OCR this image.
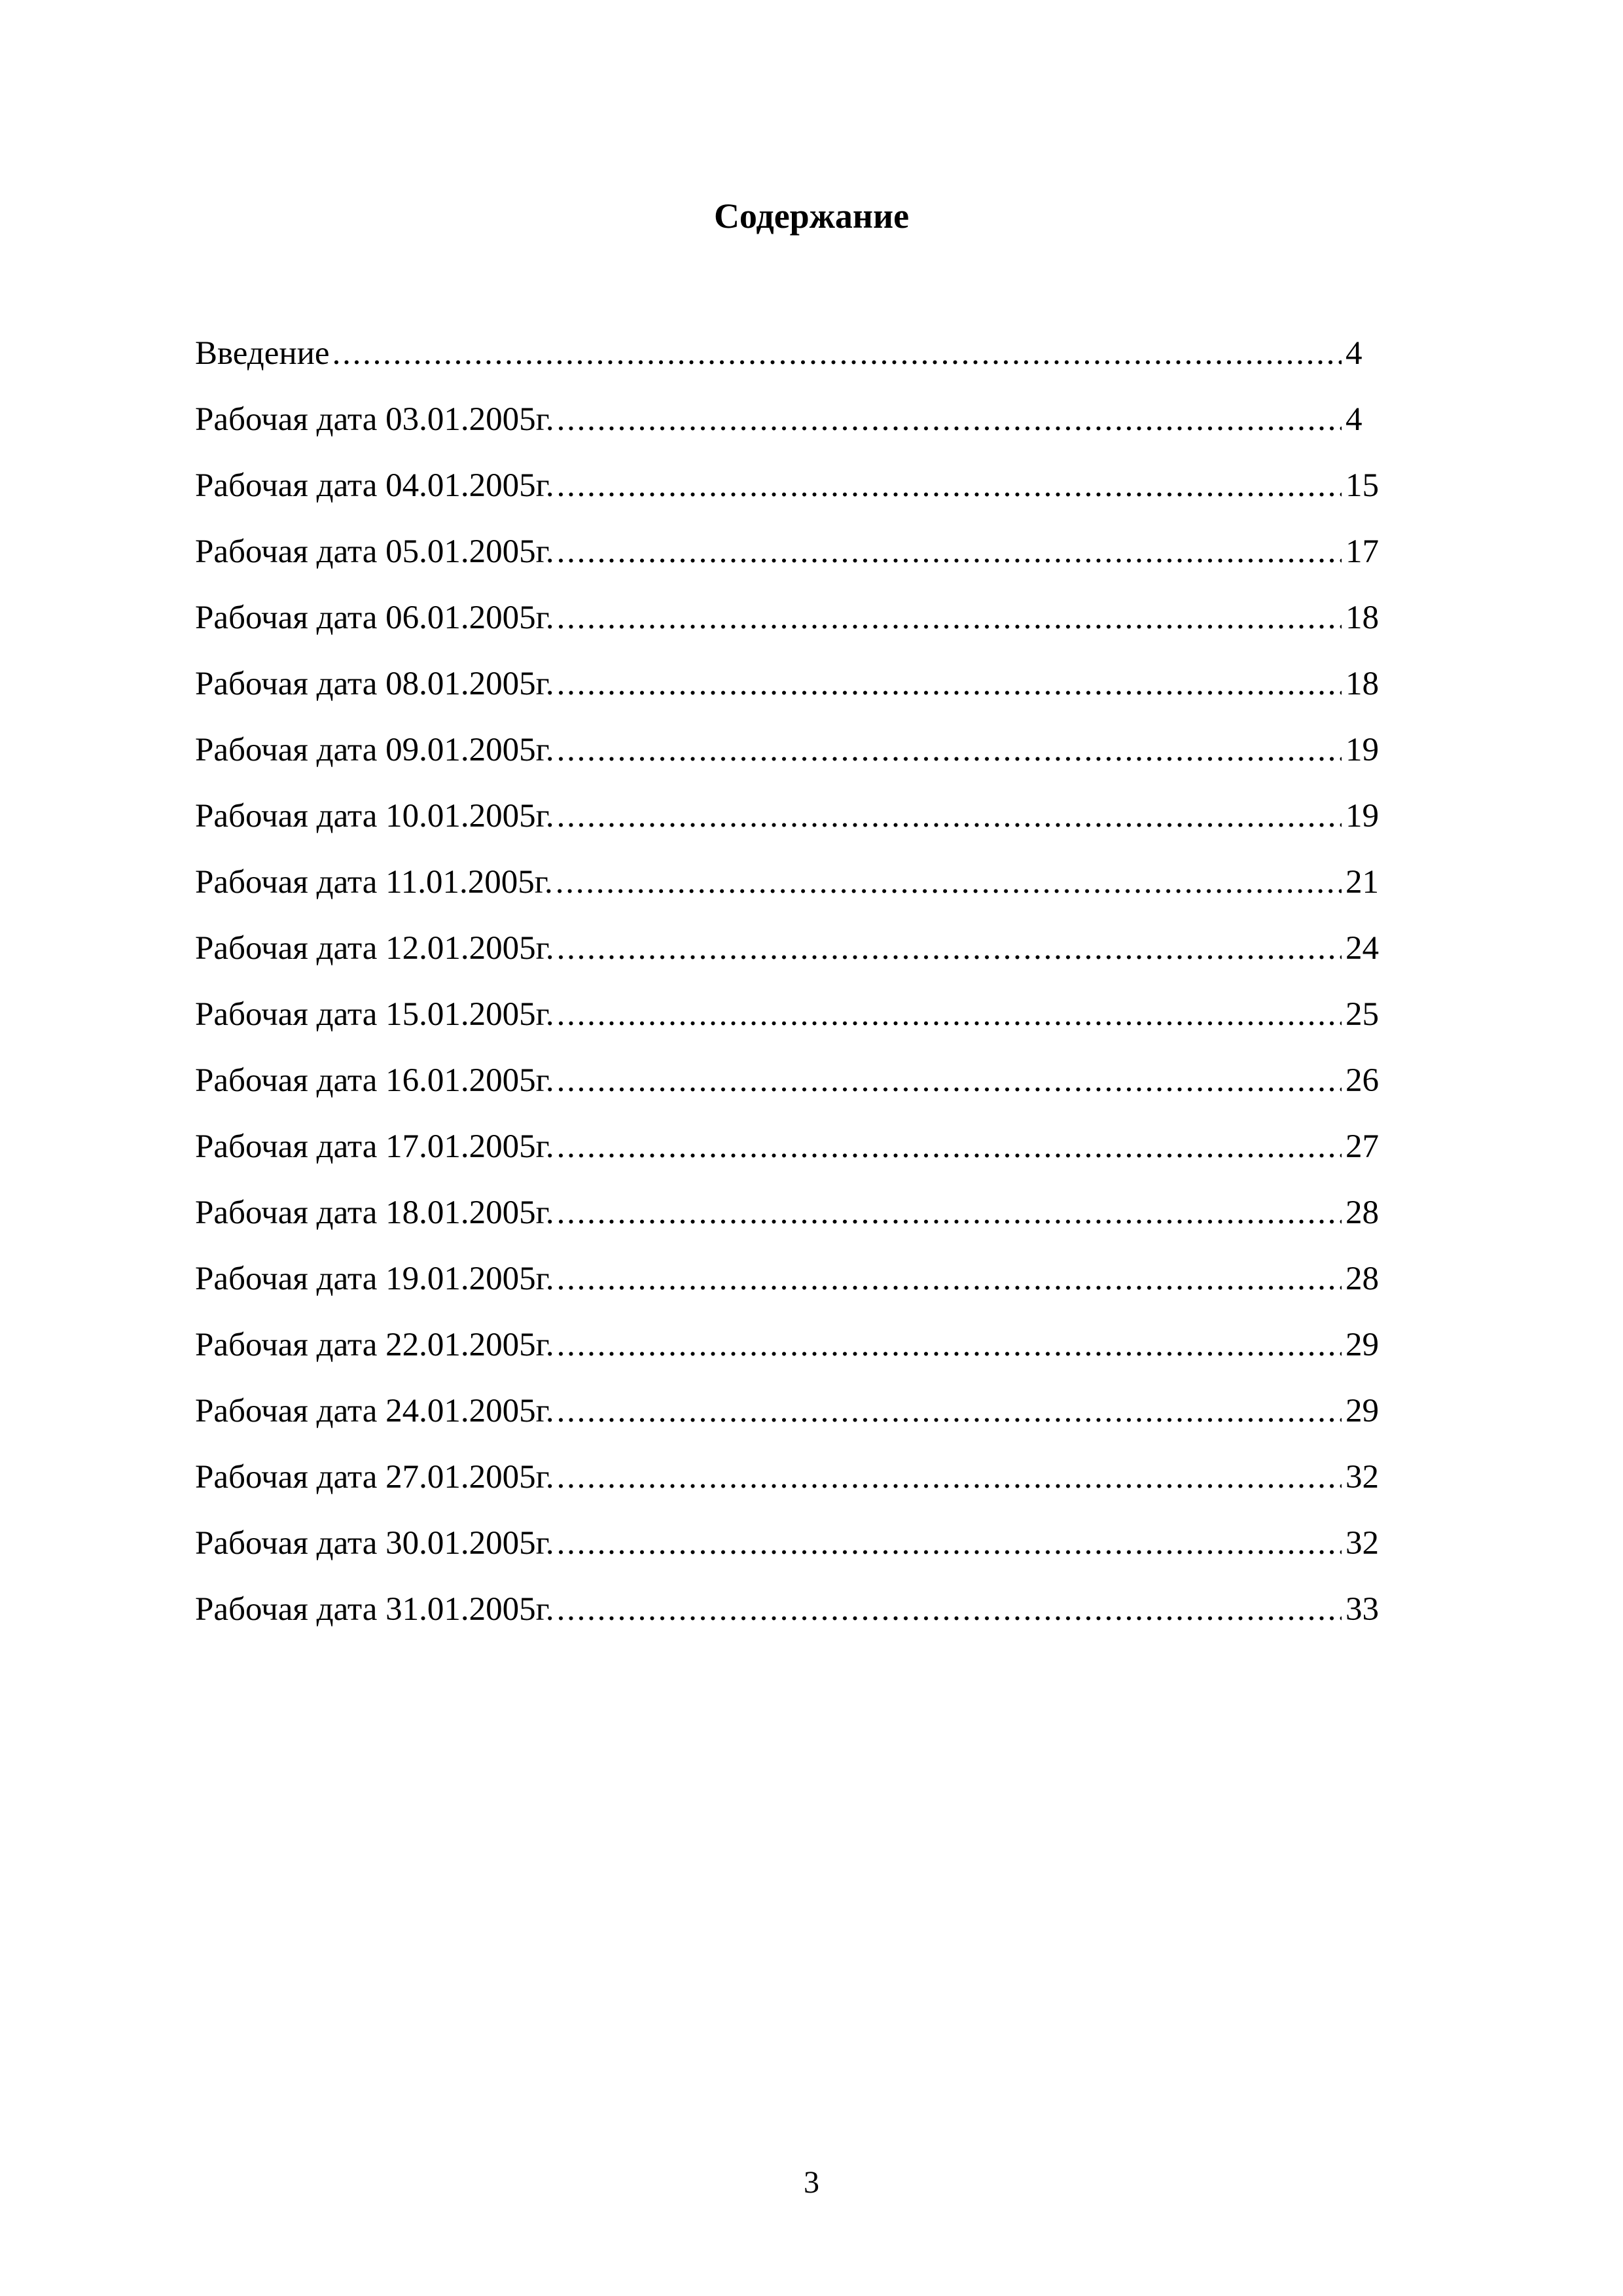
Содержание
Введение . . .	4
Рабочая дата 03.01.2005г. . . .	4
Рабочая дата 04.01.2005г. . . .	15
Рабочая дата 05.01.2005г. . . .	17
Рабочая дата 06.01.2005г. . . .	18
Рабочая дата 08.01.2005г. . . .	18
Рабочая дата 09.01.2005г. . . .	19
Рабочая дата 10.01.2005г. . . .	19
Рабочая дата 11.01.2005г. . . .	21
Рабочая дата 12.01.2005г. . . .	24
Рабочая дата 15.01.2005г. . . .	25
Рабочая дата 16.01.2005г. . . .	26
Рабочая дата 17.01.2005г. . . .	27
Рабочая дата 18.01.2005г. . . .	28
Рабочая дата 19.01.2005г. . . .	28
Рабочая дата 22.01.2005г. . . .	29
Рабочая дата 24.01.2005г. . . .	29
Рабочая дата 27.01.2005г. . . .	32
Рабочая дата 30.01.2005г. . . .	32
Рабочая дата 31.01.2005г. . . .	33
3
